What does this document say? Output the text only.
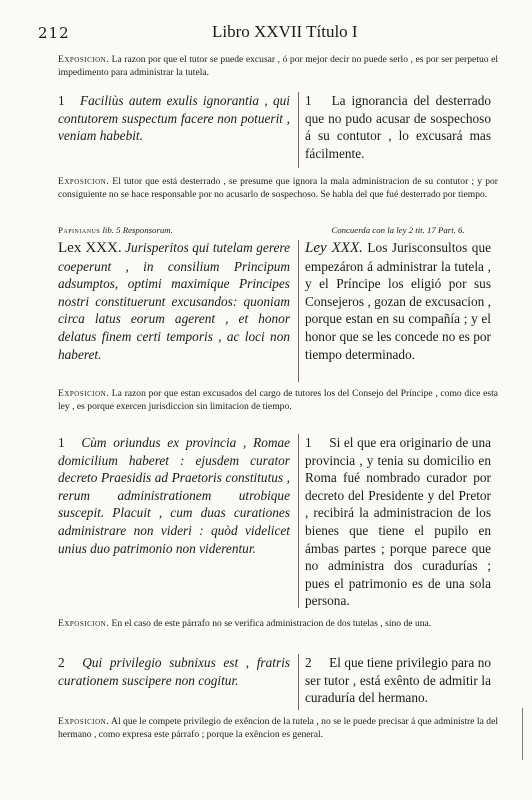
212	Libro XXVII Título I
Exposicion. La razon por que el tutor se puede excusar , ó por mejor decir no puede serlo , es por ser perpetuo el impedimento para administrar la tutela.
1 Faciliùs autem exulis ignorantia , qui contutorem suspectum facere non potuerit , veniam habebit.
1 La ignorancia del desterrado que no pudo acusar de sospechoso á su contutor , lo excusará mas fácilmente.
Exposicion. El tutor que está desterrado , se presume que ignora la mala administracion de su contutor ; y por consiguiente no se hace responsable por no acusarlo de sospechoso. Se habla del que fué desterrado por tiempo.
Papinianus lib. 5 Responsorum.	Concuerda con la ley 2 tit. 17 Part. 6.
Lex XXX. Jurisperitos qui tutelam gerere coeperunt , in consilium Principum adsumptos, optimi maximique Principes nostri constituerunt excusandos: quoniam circa latus eorum agerent , et honor delatus finem certi temporis , ac loci non haberet.
Ley XXX. Los Jurisconsultos que empezáron á administrar la tutela , y el Príncipe los eligió por sus Consejeros , gozan de excusacion , porque estan en su compañía ; y el honor que se les concede no es por tiempo determinado.
Exposicion. La razon por que estan excusados del cargo de tutores los del Consejo del Príncipe , como dice esta ley , es porque exercen jurisdiccion sin limitacion de tiempo.
1 Cùm oriundus ex provincia , Romae domicilium haberet : ejusdem curator decreto Praesidis ad Praetoris constitutus , rerum administrationem utrobique suscepit. Placuit , cum duas curationes administrare non videri : quòd videlicet unius duo patrimonio non viderentur.
1 Si el que era originario de una provincia , y tenia su domicilio en Roma fué nombrado curador por decreto del Presidente y del Pretor , recibirá la administracion de los bienes que tiene el pupilo en ámbas partes ; porque parece que no administra dos curadurías ; pues el patrimonio es de una sola persona.
Exposicion. En el caso de este párrafo no se verifica administracion de dos tutelas , sino de una.
2 Qui privilegio subnixus est , fratris curationem suscipere non cogitur.
2 El que tiene privilegio para no ser tutor , está exênto de admitir la curaduría del hermano.
Exposicion. Al que le compete privilegio de exêncion de la tutela , no se le puede precisar á que administre la del hermano , como expresa este párrafo ; porque la exêncion es general.
